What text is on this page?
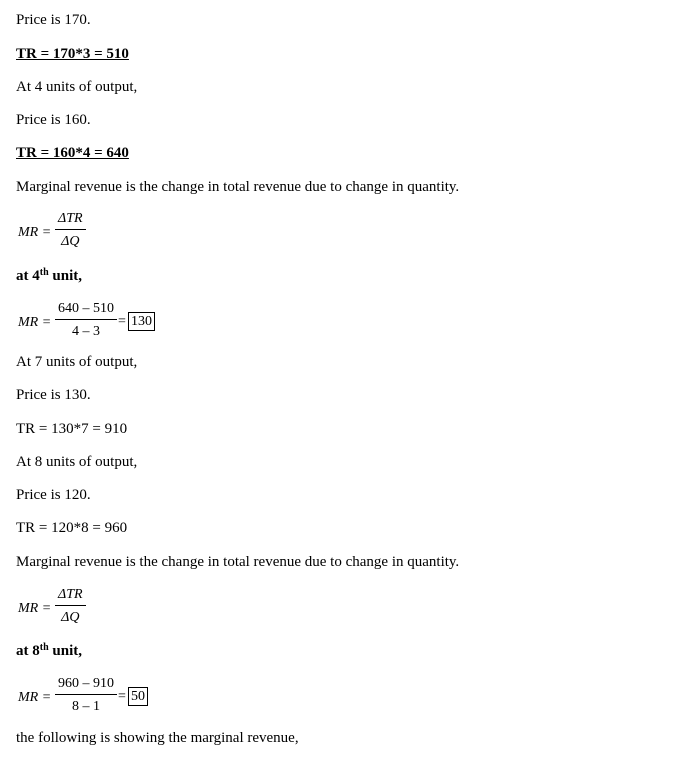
Price is 170.
TR = 170*3 = 510
At 4 units of output,
Price is 160.
TR = 160*4 = 640
Marginal revenue is the change in total revenue due to change in quantity.
MR =
ΔTR
ΔQ
at 4th unit,
MR =
640 – 510
4 – 3
= 130
At 7 units of output,
Price is 130.
TR = 130*7 = 910
At 8 units of output,
Price is 120.
TR = 120*8 = 960
Marginal revenue is the change in total revenue due to change in quantity.
MR =
ΔTR
ΔQ
at 8th unit,
MR =
960 – 910
8 – 1
= 50
the following is showing the marginal revenue,
